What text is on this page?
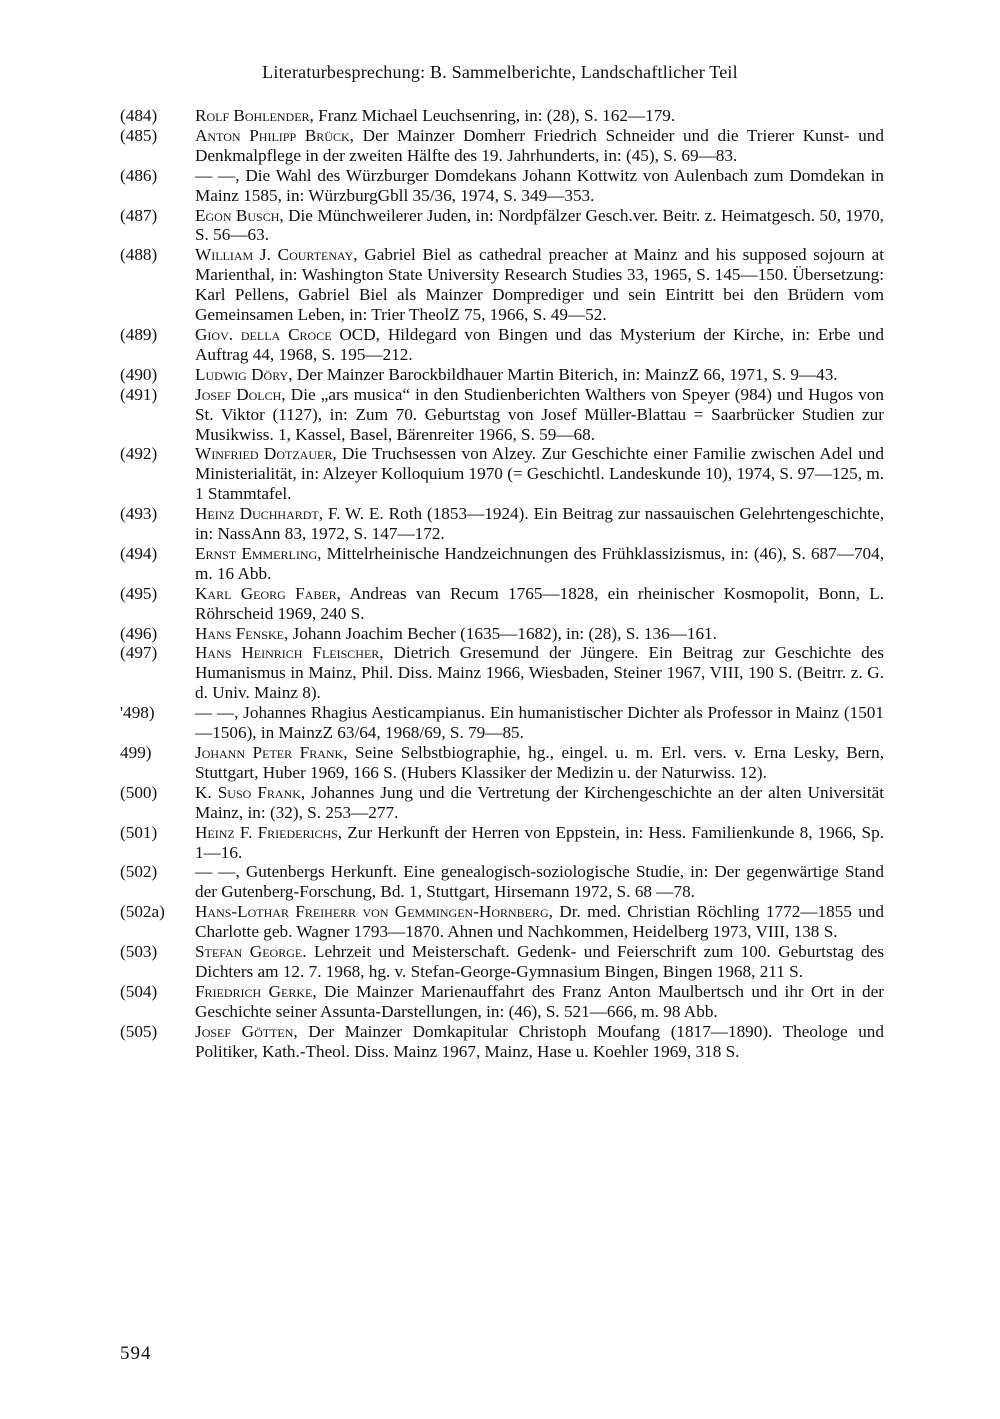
Literaturbesprechung: B. Sammelberichte, Landschaftlicher Teil

(484) Rolf Bohlender, Franz Michael Leuchsenring, in: (28), S. 162—179.

(485) Anton Philipp Brück, Der Mainzer Domherr Friedrich Schneider und die Trierer Kunst- und Denkmalpflege in der zweiten Hälfte des 19. Jahrhunderts, in: (45), S. 69—83.

(486) — —, Die Wahl des Würzburger Domdekans Johann Kottwitz von Aulenbach zum Domdekan in Mainz 1585, in: WürzburgGbll 35/36, 1974, S. 349—353.

(487) Egon Busch, Die Münchweilerer Juden, in: Nordpfälzer Gesch.ver. Beitr. z. Heimatgesch. 50, 1970, S. 56—63.

(488) William J. Courtenay, Gabriel Biel as cathedral preacher at Mainz and his supposed sojourn at Marienthal, in: Washington State University Research Studies 33, 1965, S. 145—150. Übersetzung: Karl Pellens, Gabriel Biel als Mainzer Domprediger und sein Eintritt bei den Brüdern vom Gemeinsamen Leben, in: Trier TheolZ 75, 1966, S. 49—52.

(489) Giov. della Croce OCD, Hildegard von Bingen und das Mysterium der Kirche, in: Erbe und Auftrag 44, 1968, S. 195—212.

(490) Ludwig Döry, Der Mainzer Barockbildhauer Martin Biterich, in: MainzZ 66, 1971, S. 9—43.

(491) Josef Dolch, Die „ars musica“ in den Studienberichten Walthers von Speyer (984) und Hugos von St. Viktor (1127), in: Zum 70. Geburtstag von Josef Müller-Blattau = Saarbrücker Studien zur Musikwiss. 1, Kassel, Basel, Bärenreiter 1966, S. 59—68.

(492) Winfried Dotzauer, Die Truchsessen von Alzey. Zur Geschichte einer Familie zwischen Adel und Ministerialität, in: Alzeyer Kolloquium 1970 (= Geschichtl. Landeskunde 10), 1974, S. 97—125, m. 1 Stammtafel.

(493) Heinz Duchhardt, F. W. E. Roth (1853—1924). Ein Beitrag zur nassauischen Gelehrtengeschichte, in: NassAnn 83, 1972, S. 147—172.

(494) Ernst Emmerling, Mittelrheinische Handzeichnungen des Frühklassizismus, in: (46), S. 687—704, m. 16 Abb.

(495) Karl Georg Faber, Andreas van Recum 1765—1828, ein rheinischer Kosmopolit, Bonn, L. Röhrscheid 1969, 240 S.

(496) Hans Fenske, Johann Joachim Becher (1635—1682), in: (28), S. 136—161.

(497) Hans Heinrich Fleischer, Dietrich Gresemund der Jüngere. Ein Beitrag zur Geschichte des Humanismus in Mainz, Phil. Diss. Mainz 1966, Wiesbaden, Steiner 1967, VIII, 190 S. (Beitrr. z. G. d. Univ. Mainz 8).

'498) — —, Johannes Rhagius Aesticampianus. Ein humanistischer Dichter als Professor in Mainz (1501—1506), in MainzZ 63/64, 1968/69, S. 79—85.

499)	Johann Peter Frank, Seine Selbstbiographie, hg., eingel. u. m. Erl. vers. v. Erna Lesky, Bern, Stuttgart, Huber 1969, 166 S. (Hubers Klassiker der Medizin u. der Naturwiss. 12).

(500) K. Suso Frank, Johannes Jung und die Vertretung der Kirchengeschichte an der alten Universität Mainz, in: (32), S. 253—277.

(501) Heinz F. Friederichs, Zur Herkunft der Herren von Eppstein, in: Hess. Familienkunde 8, 1966, Sp. 1—16.

(502) — —, Gutenbergs Herkunft. Eine genealogisch-soziologische Studie, in: Der gegenwärtige Stand der Gutenberg-Forschung, Bd. 1, Stuttgart, Hirsemann 1972, S. 68 —78.

(502a) Hans-Lothar Freiherr von Gemmingen-Hornberg, Dr. med. Christian Röchling 1772—1855 und Charlotte geb. Wagner 1793—1870. Ahnen und Nachkommen, Heidelberg 1973, VIII, 138 S.

(503) Stefan George. Lehrzeit und Meisterschaft. Gedenk- und Feierschrift zum 100. Geburtstag des Dichters am 12. 7. 1968, hg. v. Stefan-George-Gymnasium Bingen, Bingen 1968, 211 S.

(504) Friedrich Gerke, Die Mainzer Marienauffahrt des Franz Anton Maulbertsch und ihr Ort in der Geschichte seiner Assunta-Darstellungen, in: (46), S. 521—666, m. 98 Abb.

(505) Josef Götten, Der Mainzer Domkapitular Christoph Moufang (1817—1890). Theologe und Politiker, Kath.-Theol. Diss. Mainz 1967, Mainz, Hase u. Koehler 1969, 318 S.

594
